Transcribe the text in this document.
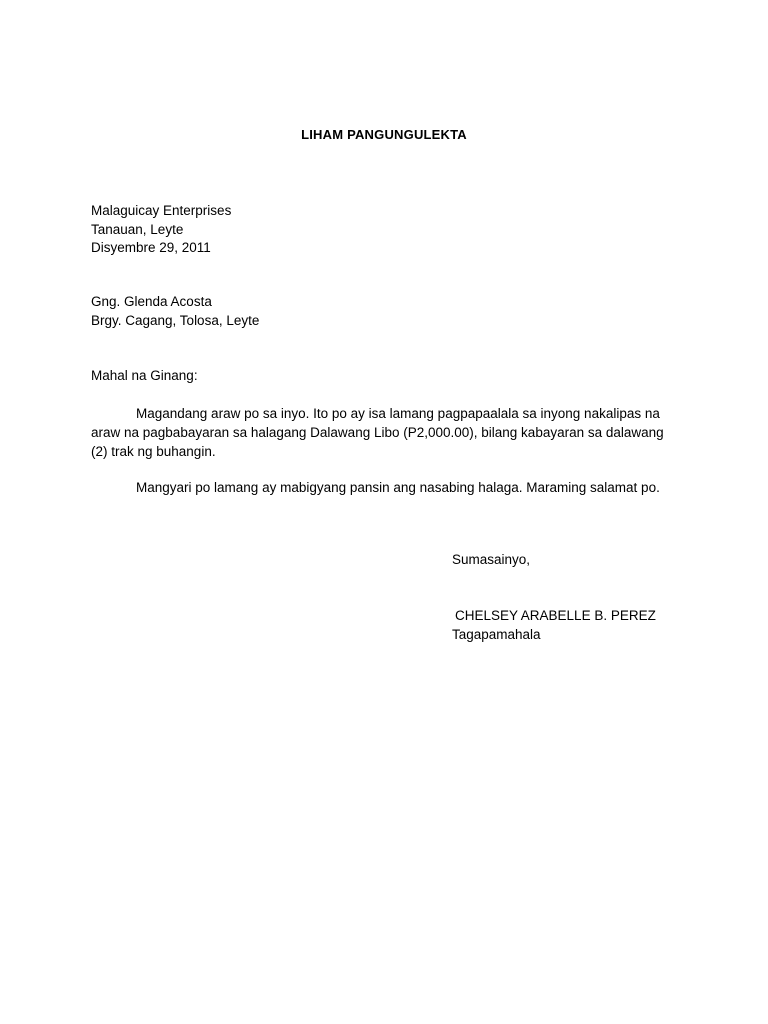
LIHAM PANGUNGULEKTA
Malaguicay Enterprises
Tanauan, Leyte
Disyembre 29, 2011
Gng. Glenda Acosta
Brgy. Cagang, Tolosa, Leyte
Mahal na Ginang:
Magandang araw po sa inyo. Ito po ay isa lamang pagpapaalala sa inyong nakalipas na
araw na pagbabayaran sa halagang Dalawang Libo (P2,000.00), bilang kabayaran sa dalawang
(2) trak ng buhangin.
Mangyari po lamang ay mabigyang pansin ang nasabing halaga. Maraming salamat po.
Sumasainyo,
CHELSEY ARABELLE B. PEREZ
Tagapamahala
